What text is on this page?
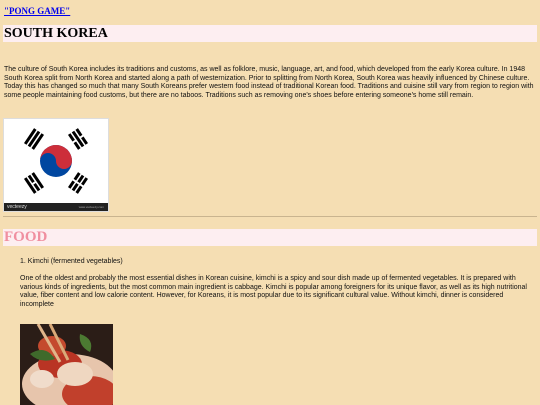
"PONG GAME"
SOUTH KOREA

The culture of South Korea includes its traditions and customs, as well as folklore, music, language, art, and food, which developed from the early Korea culture. In 1948 South Korea split from North Korea and started along a path of westernization. Prior to splitting from North Korea, South Korea was heavily influenced by Chinese culture. Today this has changed so much that many South Koreans prefer western food instead of traditional Korean food. Traditions and cuisine still vary from region to region with some people maintaining food customs, but there are no taboos. Traditions such as removing one's shoes before entering someone's home still remain.

vecteezy	www.vecteezy.com
FOOD
1. Kimchi (fermented vegetables)

One of the oldest and probably the most essential dishes in Korean cuisine, kimchi is a spicy and sour dish made up of fermented vegetables. It is prepared with various kinds of ingredients, but the most common main ingredient is cabbage. Kimchi is popular among foreigners for its unique flavor, as well as its high nutritional value, fiber content and low calorie content. However, for Koreans, it is most popular due to its significant cultural value. Without kimchi, dinner is considered incomplete
